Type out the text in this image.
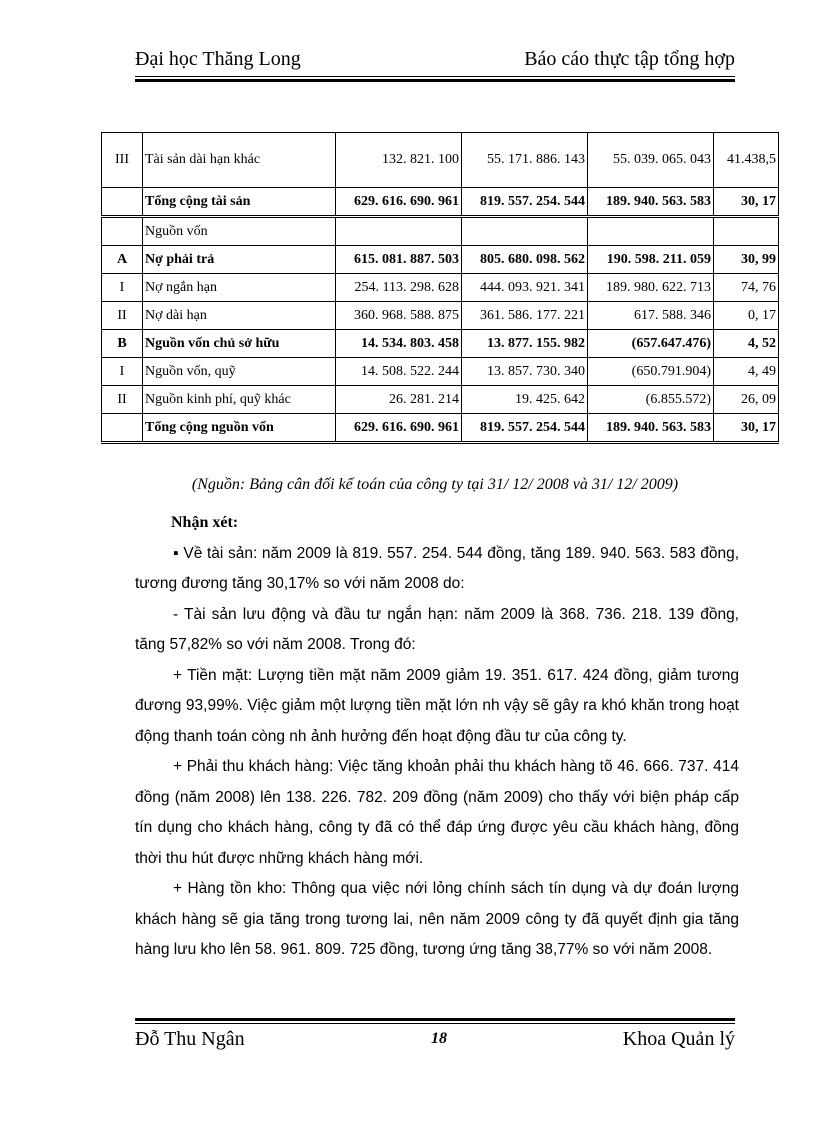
Đại học Thăng Long	Báo cáo thực tập tổng hợp
III	Tài sản dài hạn khác	132. 821. 100	55. 171. 886. 143	55. 039. 065. 043	41.438,5
	Tổng cộng tài sản	629. 616. 690. 961	819. 557. 254. 544	189. 940. 563. 583	30, 17
	Nguồn vốn				
A	Nợ phải trả	615. 081. 887. 503	805. 680. 098. 562	190. 598. 211. 059	30, 99
I	Nợ ngắn hạn	254. 113. 298. 628	444. 093. 921. 341	189. 980. 622. 713	74, 76
II	Nợ dài hạn	360. 968. 588. 875	361. 586. 177. 221	617. 588. 346	0, 17
B	Nguồn vốn chủ sở hữu	14. 534. 803. 458	13. 877. 155. 982	(657.647.476)	4, 52
I	Nguồn vốn, quỹ	14. 508. 522. 244	13. 857. 730. 340	(650.791.904)	4, 49
II	Nguồn kinh phí, quỹ khác	26. 281. 214	19. 425. 642	(6.855.572)	26, 09
	Tổng cộng nguồn vốn	629. 616. 690. 961	819. 557. 254. 544	189. 940. 563. 583	30, 17
(Nguồn: Bảng cân đối kế toán của công ty tại 31/ 12/ 2008 và 31/ 12/ 2009)

Nhận xét:

▪ Về tài sản: năm 2009 là 819. 557. 254. 544 đồng, tăng 189. 940. 563. 583 đồng, tương đương tăng 30,17% so với năm 2008 do:

- Tài sản lưu động và đầu tư ngắn hạn: năm 2009 là 368. 736. 218. 139 đồng, tăng 57,82% so với năm 2008. Trong đó:

+ Tiền mặt: Lượng tiền mặt năm 2009 giảm 19. 351. 617. 424 đồng, giảm tương đương 93,99%. Việc giảm một lượng tiền mặt lớn nh vậy sẽ gây ra khó khăn trong hoạt động thanh toán còng nh ảnh hưởng đến hoạt động đầu tư của công ty.

+ Phải thu khách hàng: Việc tăng khoản phải thu khách hàng tõ 46. 666. 737. 414 đồng (năm 2008) lên 138. 226. 782. 209 đồng (năm 2009) cho thấy với biện pháp cấp tín dụng cho khách hàng, công ty đã có thể đáp ứng được yêu cầu khách hàng, đồng thời thu hút được những khách hàng mới.

+ Hàng tồn kho: Thông qua việc nới lỏng chính sách tín dụng và dự đoán lượng khách hàng sẽ gia tăng trong tương lai, nên năm 2009 công ty đã quyết định gia tăng hàng lưu kho lên 58. 961. 809. 725 đồng, tương ứng tăng 38,77% so với năm 2008.

Đỗ Thu Ngân	18	Khoa Quản lý
